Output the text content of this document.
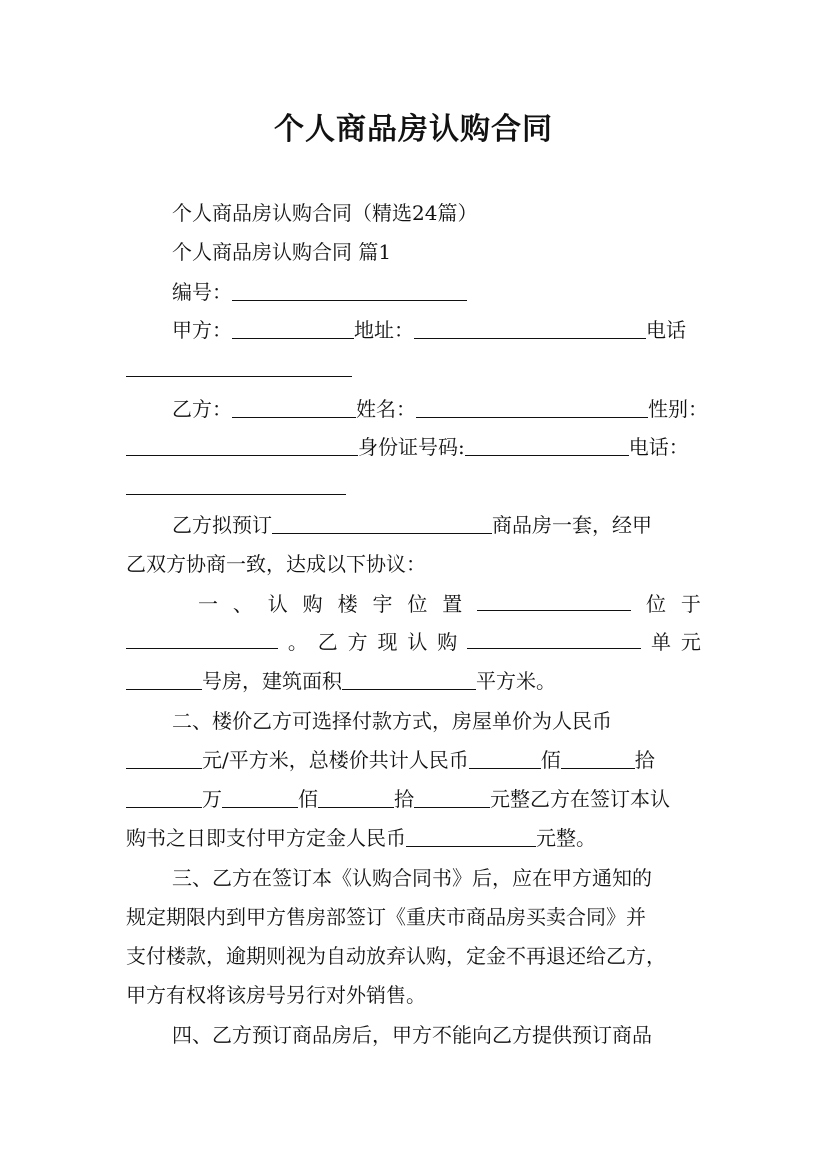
个人商品房认购合同
个人商品房认购合同（精选24篇）
个人商品房认购合同 篇1
编号：
甲方：	地址：	电话
乙方：	姓名：	性别：
身份证号码:	电话：
乙方拟预订	商品房一套，经甲
乙双方协商一致，达成以下协议：
一 、 认 购 楼 宇 位 置	位 于
。 乙 方 现 认 购	单 元
号房，建筑面积	平方米。
二、楼价乙方可选择付款方式，房屋单价为人民币
元/平方米，总楼价共计人民币	佰	拾
万	佰	拾	元整乙方在签订本认
购书之日即支付甲方定金人民币	元整。
三、乙方在签订本《认购合同书》后，应在甲方通知的
规定期限内到甲方售房部签订《重庆市商品房买卖合同》并
支付楼款，逾期则视为自动放弃认购，定金不再退还给乙方，
甲方有权将该房号另行对外销售。
四、乙方预订商品房后，甲方不能向乙方提供预订商品
